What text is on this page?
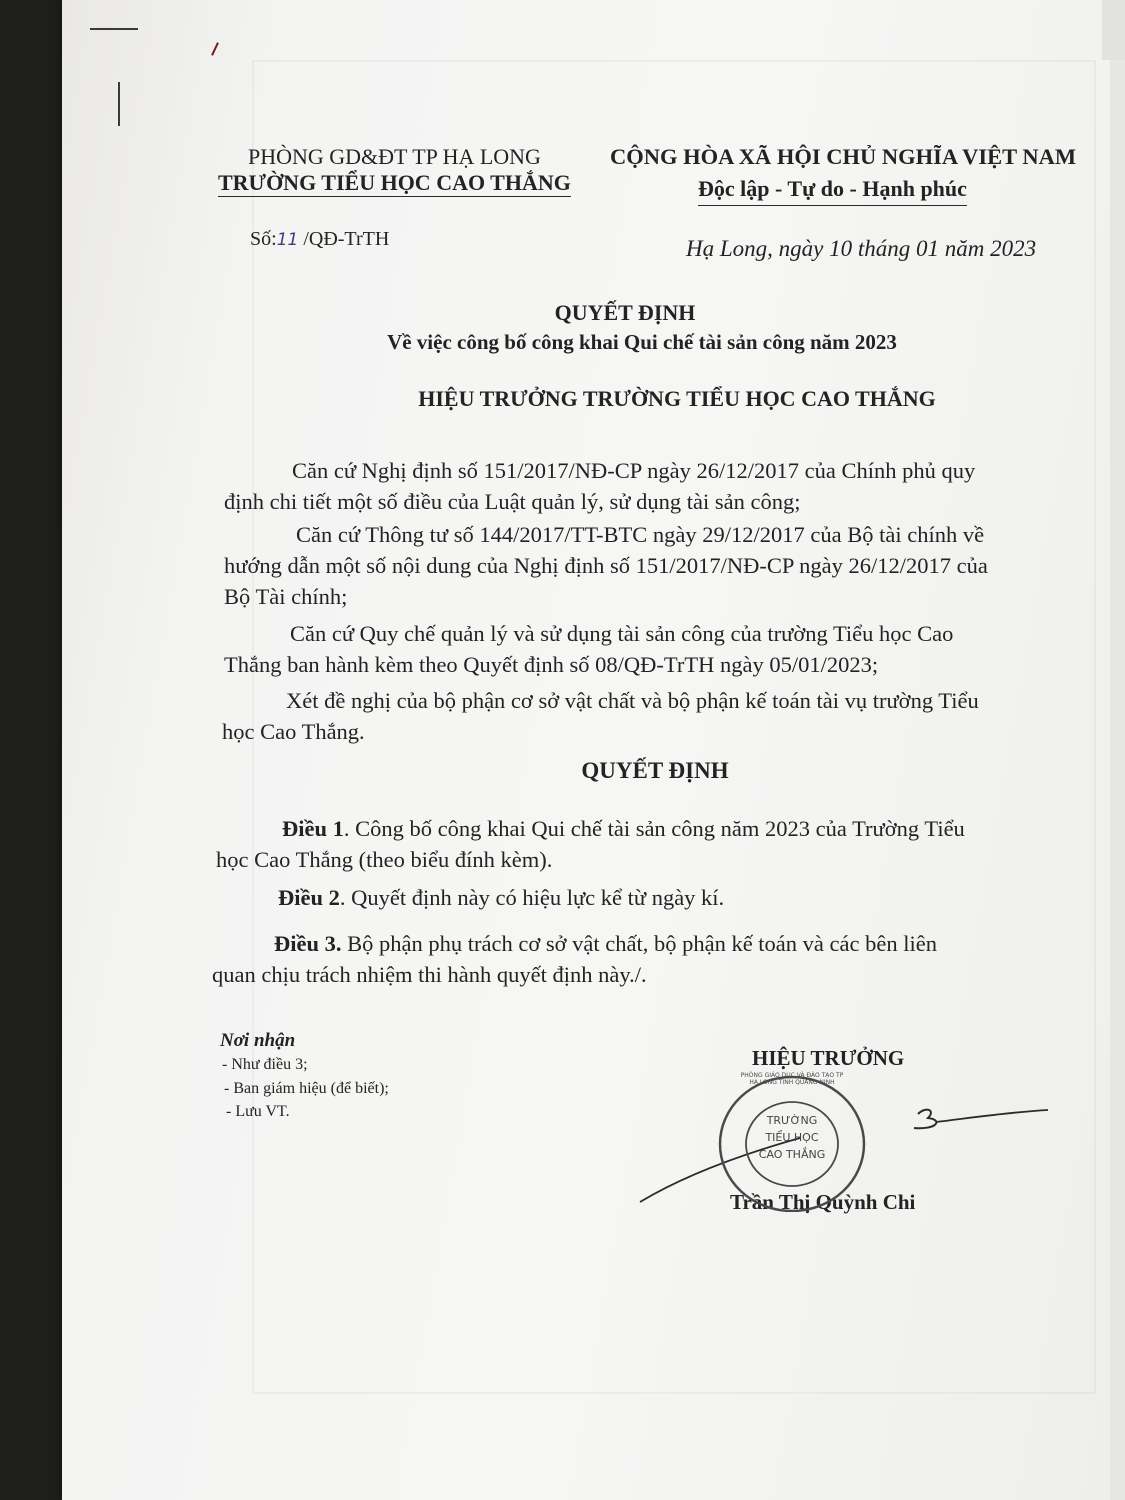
PHÒNG GD&ĐT TP HẠ LONG
TRƯỜNG TIỂU HỌC CAO THẮNG
CỘNG HÒA XÃ HỘI CHỦ NGHĨA VIỆT NAM
Độc lập - Tự do - Hạnh phúc
Số:11 /QĐ-TrTH	Hạ Long, ngày 10 tháng 01 năm 2023
QUYẾT ĐỊNH
Về việc công bố công khai Qui chế tài sản công năm 2023
HIỆU TRƯỞNG TRƯỜNG TIỂU HỌC CAO THẮNG
Căn cứ Nghị định số 151/2017/NĐ-CP ngày 26/12/2017 của Chính phủ quy
định chi tiết một số điều của Luật quản lý, sử dụng tài sản công;
Căn cứ Thông tư số 144/2017/TT-BTC ngày 29/12/2017 của Bộ tài chính về
hướng dẫn một số nội dung của Nghị định số 151/2017/NĐ-CP ngày 26/12/2017 của
Bộ Tài chính;
Căn cứ Quy chế quản lý và sử dụng tài sản công của trường Tiểu học Cao
Thắng ban hành kèm theo Quyết định số 08/QĐ-TrTH ngày 05/01/2023;
Xét đề nghị của bộ phận cơ sở vật chất và bộ phận kế toán tài vụ trường Tiểu
học Cao Thắng.
QUYẾT ĐỊNH
Điều 1. Công bố công khai Qui chế tài sản công năm 2023 của Trường Tiểu
học Cao Thắng (theo biểu đính kèm).
Điều 2. Quyết định này có hiệu lực kể từ ngày kí.
Điều 3. Bộ phận phụ trách cơ sở vật chất, bộ phận kế toán và các bên liên
quan chịu trách nhiệm thi hành quyết định này./.
Nơi nhận
- Như điều 3;
- Ban giám hiệu (để biết);
- Lưu VT.
HIỆU TRƯỞNG
Trần Thị Quỳnh Chi
PHÒNG GIÁO DỤC VÀ ĐÀO TẠO TP HẠ LONG TỈNH QUẢNG NINH
TRƯỜNG
TIỂU HỌC
CAO THẮNG
